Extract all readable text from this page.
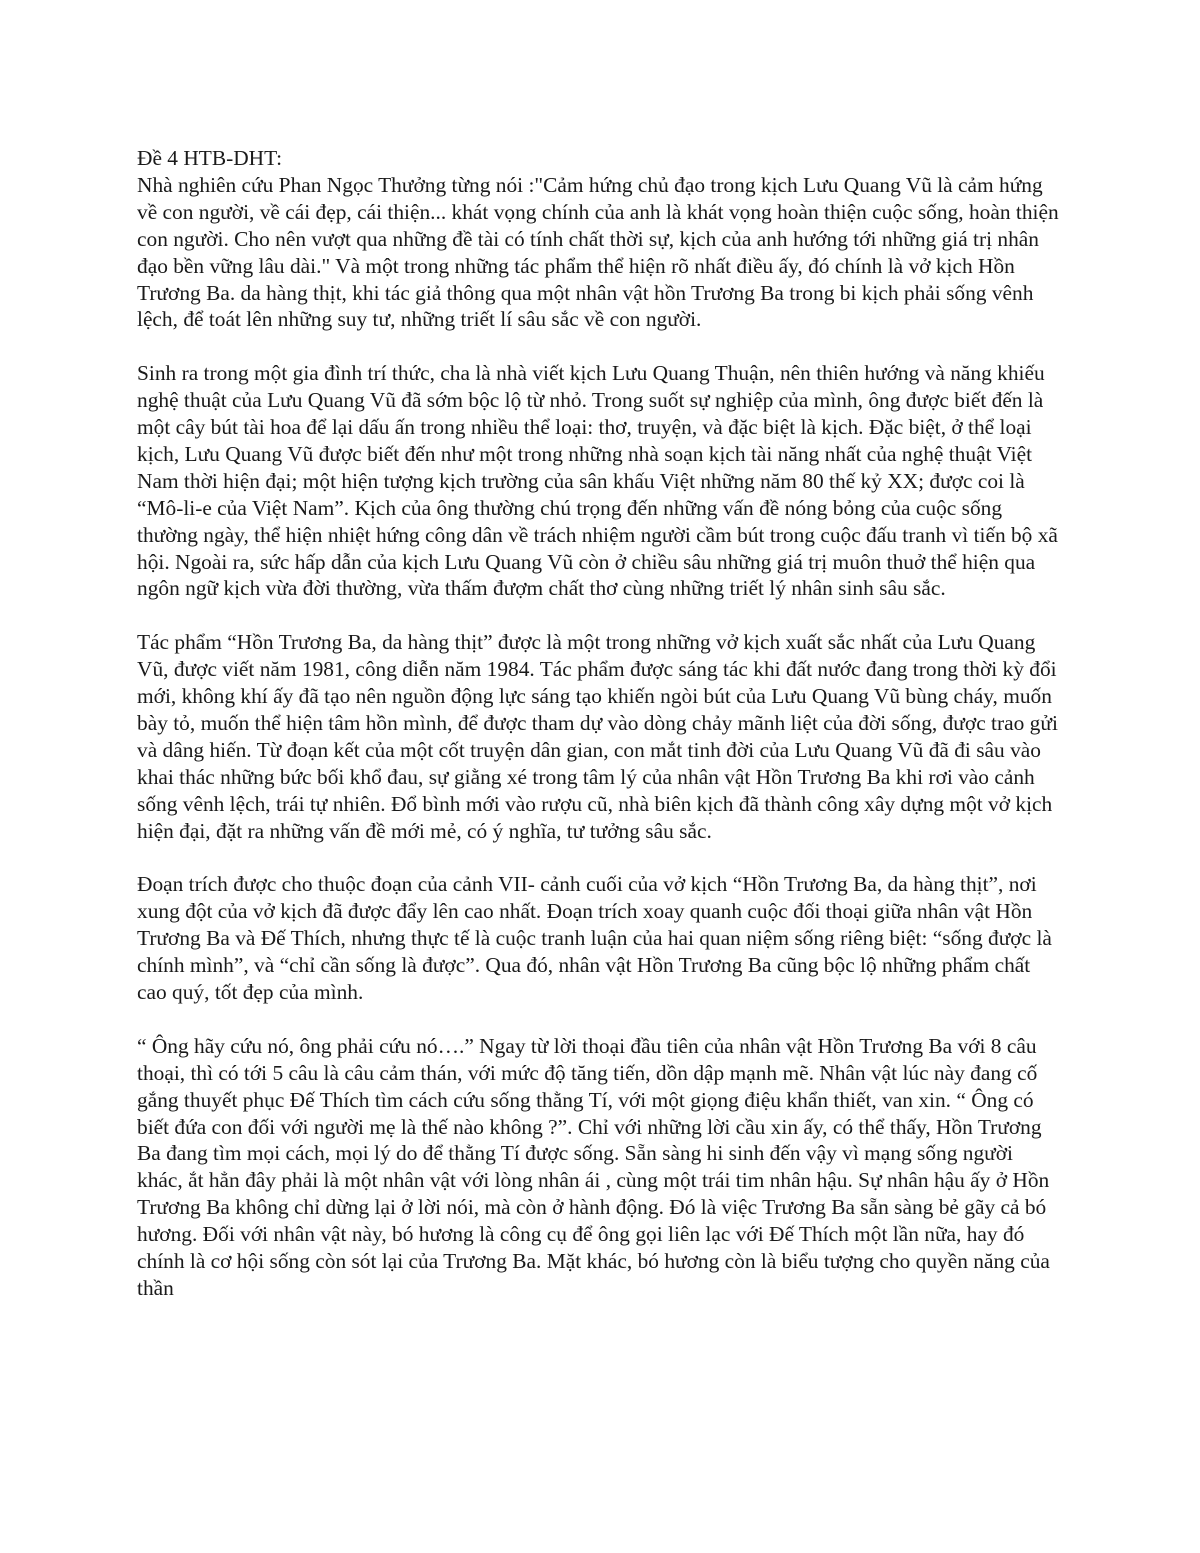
Đề 4 HTB-DHT:

Nhà nghiên cứu Phan Ngọc Thưởng từng nói :"Cảm hứng chủ đạo trong kịch Lưu Quang Vũ là cảm hứng về con người, về cái đẹp, cái thiện... khát vọng chính của anh là khát vọng hoàn thiện cuộc sống, hoàn thiện con người. Cho nên vượt qua những đề tài có tính chất thời sự, kịch của anh hướng tới những giá trị nhân đạo bền vững lâu dài." Và một trong những tác phẩm thể hiện rõ nhất điều ấy, đó chính là vở kịch Hồn Trương Ba. da hàng thịt, khi tác giả thông qua một nhân vật hồn Trương Ba trong bi kịch phải sống vênh lệch, để toát lên những suy tư, những triết lí sâu sắc về con người.

Sinh ra trong một gia đình trí thức, cha là nhà viết kịch Lưu Quang Thuận, nên thiên hướng và năng khiếu nghệ thuật của Lưu Quang Vũ đã sớm bộc lộ từ nhỏ. Trong suốt sự nghiệp của mình, ông được biết đến là một cây bút tài hoa để lại dấu ấn trong nhiều thể loại: thơ, truyện, và đặc biệt là kịch. Đặc biệt, ở thể loại kịch, Lưu Quang Vũ được biết đến như một trong những nhà soạn kịch tài năng nhất của nghệ thuật Việt Nam thời hiện đại; một hiện tượng kịch trường của sân khấu Việt những năm 80 thế kỷ XX; được coi là “Mô-li-e của Việt Nam”. Kịch của ông thường chú trọng đến những vấn đề nóng bỏng của cuộc sống thường ngày, thể hiện nhiệt hứng công dân về trách nhiệm người cầm bút trong cuộc đấu tranh vì tiến bộ xã hội. Ngoài ra, sức hấp dẫn của kịch Lưu Quang Vũ còn ở chiều sâu những giá trị muôn thuở thể hiện qua ngôn ngữ kịch vừa đời thường, vừa thấm đượm chất thơ cùng những triết lý nhân sinh sâu sắc.

Tác phẩm “Hồn Trương Ba, da hàng thịt” được là một trong những vở kịch xuất sắc nhất của Lưu Quang Vũ, được viết năm 1981, công diễn năm 1984. Tác phẩm được sáng tác khi đất nước đang trong thời kỳ đổi mới, không khí ấy đã tạo nên nguồn động lực sáng tạo khiến ngòi bút của Lưu Quang Vũ bùng cháy, muốn bày tỏ, muốn thể hiện tâm hồn mình, để được tham dự vào dòng chảy mãnh liệt của đời sống, được trao gửi và dâng hiến. Từ đoạn kết của một cốt truyện dân gian, con mắt tinh đời của Lưu Quang Vũ đã đi sâu vào khai thác những bức bối khổ đau, sự giằng xé trong tâm lý của nhân vật Hồn Trương Ba khi rơi vào cảnh sống vênh lệch, trái tự nhiên. Đổ bình mới vào rượu cũ, nhà biên kịch đã thành công xây dựng một vở kịch hiện đại, đặt ra những vấn đề mới mẻ, có ý nghĩa, tư tưởng sâu sắc.

Đoạn trích được cho thuộc đoạn của cảnh VII- cảnh cuối của vở kịch “Hồn Trương Ba, da hàng thịt”, nơi xung đột của vở kịch đã được đẩy lên cao nhất. Đoạn trích xoay quanh cuộc đối thoại giữa nhân vật Hồn Trương Ba và Đế Thích, nhưng thực tế là cuộc tranh luận của hai quan niệm sống riêng biệt: “sống được là chính mình”, và “chỉ cần sống là được”. Qua đó, nhân vật Hồn Trương Ba cũng bộc lộ những phẩm chất cao quý, tốt đẹp của mình.

“ Ông hãy cứu nó, ông phải cứu nó….” Ngay từ lời thoại đầu tiên của nhân vật Hồn Trương Ba với 8 câu thoại, thì có tới 5 câu là câu cảm thán, với mức độ tăng tiến, dồn dập mạnh mẽ. Nhân vật lúc này đang cố gắng thuyết phục Đế Thích tìm cách cứu sống thằng Tí, với một giọng điệu khẩn thiết, van xin. “ Ông có biết đứa con đối với người mẹ là thế nào không ?”. Chỉ với những lời cầu xin ấy, có thể thấy, Hồn Trương Ba đang tìm mọi cách, mọi lý do để thằng Tí được sống. Sẵn sàng hi sinh đến vậy vì mạng sống người khác, ắt hẳn đây phải là một nhân vật với lòng nhân ái , cùng một trái tim nhân hậu. Sự nhân hậu ấy ở Hồn Trương Ba không chỉ dừng lại ở lời nói, mà còn ở hành động. Đó là việc Trương Ba sẵn sàng bẻ gãy cả bó hương. Đối với nhân vật này, bó hương là công cụ để ông gọi liên lạc với Đế Thích một lần nữa, hay đó chính là cơ hội sống còn sót lại của Trương Ba. Mặt khác, bó hương còn là biểu tượng cho quyền năng của thần
